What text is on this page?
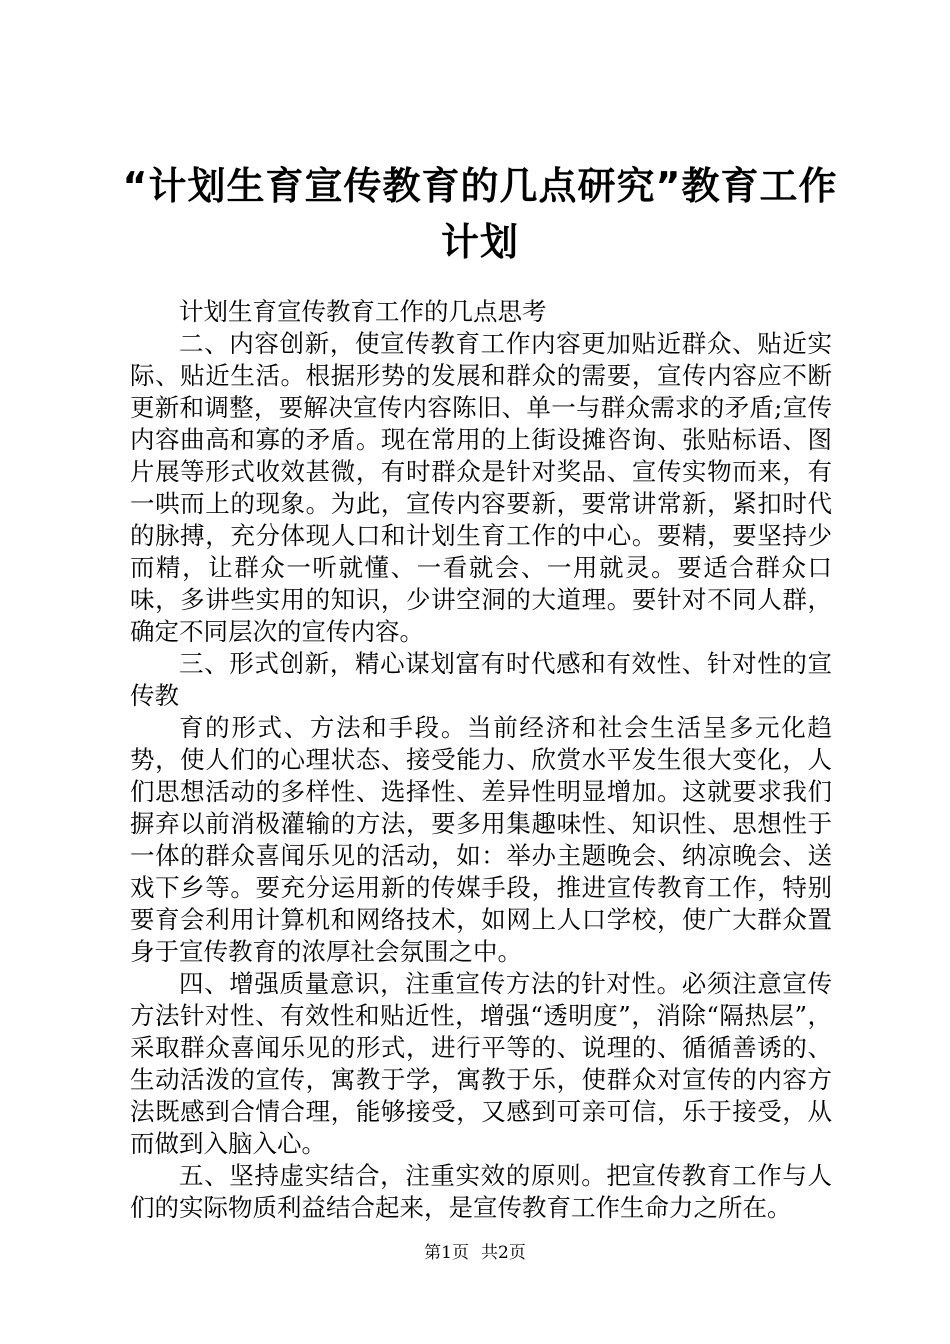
“计划生育宣传教育的几点研究”教育工作计划

计划生育宣传教育工作的几点思考

二、内容创新，使宣传教育工作内容更加贴近群众、贴近实际、贴近生活。根据形势的发展和群众的需要，宣传内容应不断更新和调整，要解决宣传内容陈旧、单一与群众需求的矛盾;宣传内容曲高和寡的矛盾。现在常用的上街设摊咨询、张贴标语、图片展等形式收效甚微，有时群众是针对奖品、宣传实物而来，有一哄而上的现象。为此，宣传内容要新，要常讲常新，紧扣时代的脉搏，充分体现人口和计划生育工作的中心。要精，要坚持少而精，让群众一听就懂、一看就会、一用就灵。要适合群众口味，多讲些实用的知识，少讲空洞的大道理。要针对不同人群，确定不同层次的宣传内容。

三、形式创新，精心谋划富有时代感和有效性、针对性的宣传教

育的形式、方法和手段。当前经济和社会生活呈多元化趋势，使人们的心理状态、接受能力、欣赏水平发生很大变化，人们思想活动的多样性、选择性、差异性明显增加。这就要求我们摒弃以前消极灌输的方法，要多用集趣味性、知识性、思想性于一体的群众喜闻乐见的活动，如：举办主题晚会、纳凉晚会、送戏下乡等。要充分运用新的传媒手段，推进宣传教育工作，特别要育会利用计算机和网络技术，如网上人口学校，使广大群众置身于宣传教育的浓厚社会氛围之中。

四、增强质量意识，注重宣传方法的针对性。必须注意宣传方法针对性、有效性和贴近性，增强“透明度”，消除“隔热层”，采取群众喜闻乐见的形式，进行平等的、说理的、循循善诱的、生动活泼的宣传，寓教于学，寓教于乐，使群众对宣传的内容方法既感到合情合理，能够接受，又感到可亲可信，乐于接受，从而做到入脑入心。

五、坚持虚实结合，注重实效的原则。把宣传教育工作与人们的实际物质利益结合起来，是宣传教育工作生命力之所在。

第1页 共2页
